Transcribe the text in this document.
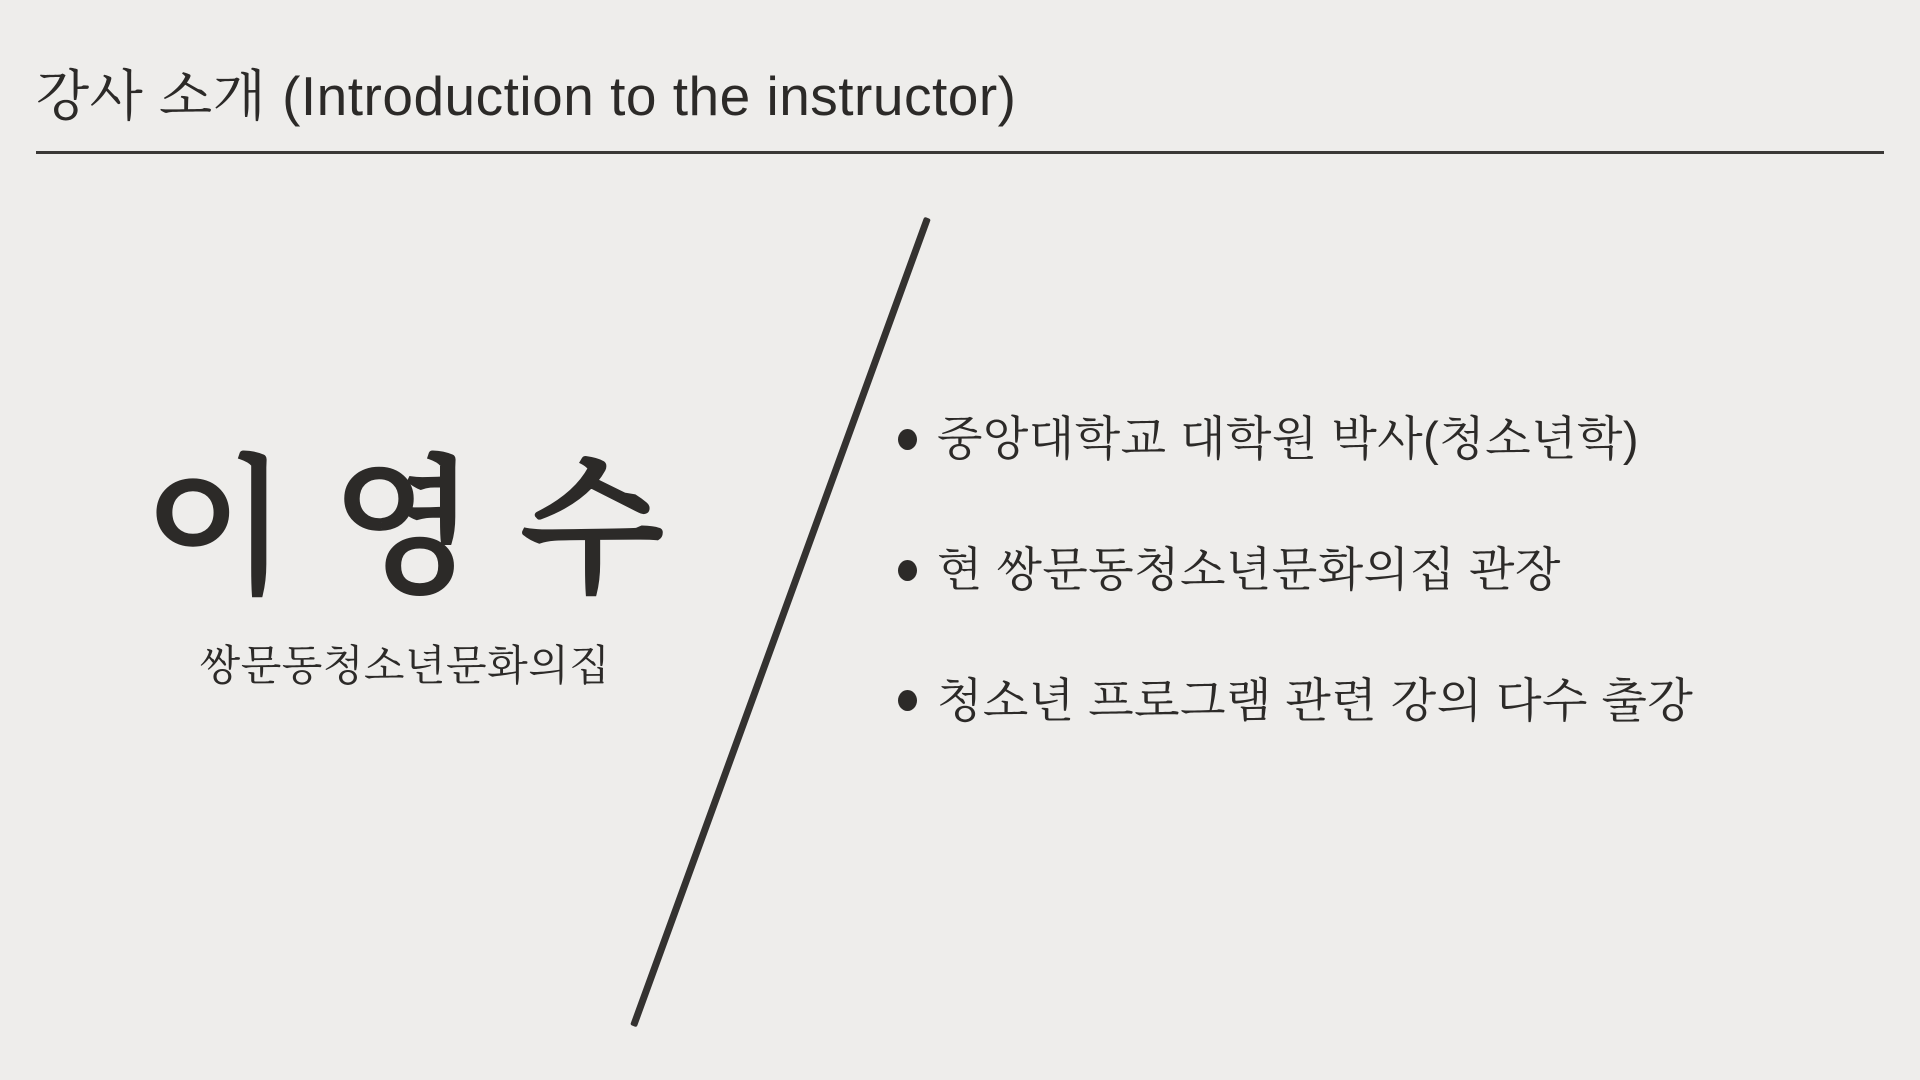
강사 소개 (Introduction to the instructor)
이 영 수
쌍문동청소년문화의집
중앙대학교 대학원 박사(청소년학)
현 쌍문동청소년문화의집 관장
청소년 프로그램 관련 강의 다수 출강
